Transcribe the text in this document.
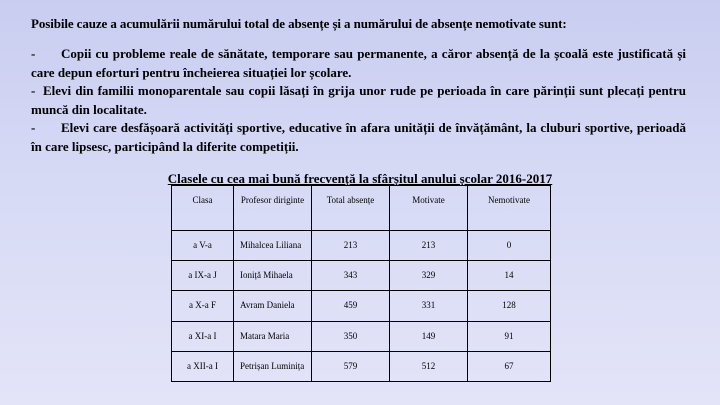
Posibile cauze a acumulării numărului total de absențe și a numărului de absențe nemotivate sunt:
- Copii cu probleme reale de sănătate, temporare sau permanente, a căror absență de la școală este justificată și care depun eforturi pentru încheierea situației lor școlare.
- Elevi din familii monoparentale sau copii lăsați în grija unor rude pe perioada în care părinții sunt plecați pentru muncă din localitate.
- Elevi care desfășoară activități sportive, educative în afara unității de învățământ, la cluburi sportive, perioadă în care lipsesc, participând la diferite competiții.
Clasele cu cea mai bună frecvență la sfârșitul anului școlar 2016-2017
Clasa	Profesor diriginte	Total absențe	Motivate	Nemotivate
a V-a	Mihalcea Liliana	213	213	0
a IX-a J	Ioniță Mihaela	343	329	14
a X-a F	Avram Daniela	459	331	128
a XI-a I	Matara Maria	350	149	91
a XII-a I	Petrișan Luminița	579	512	67
